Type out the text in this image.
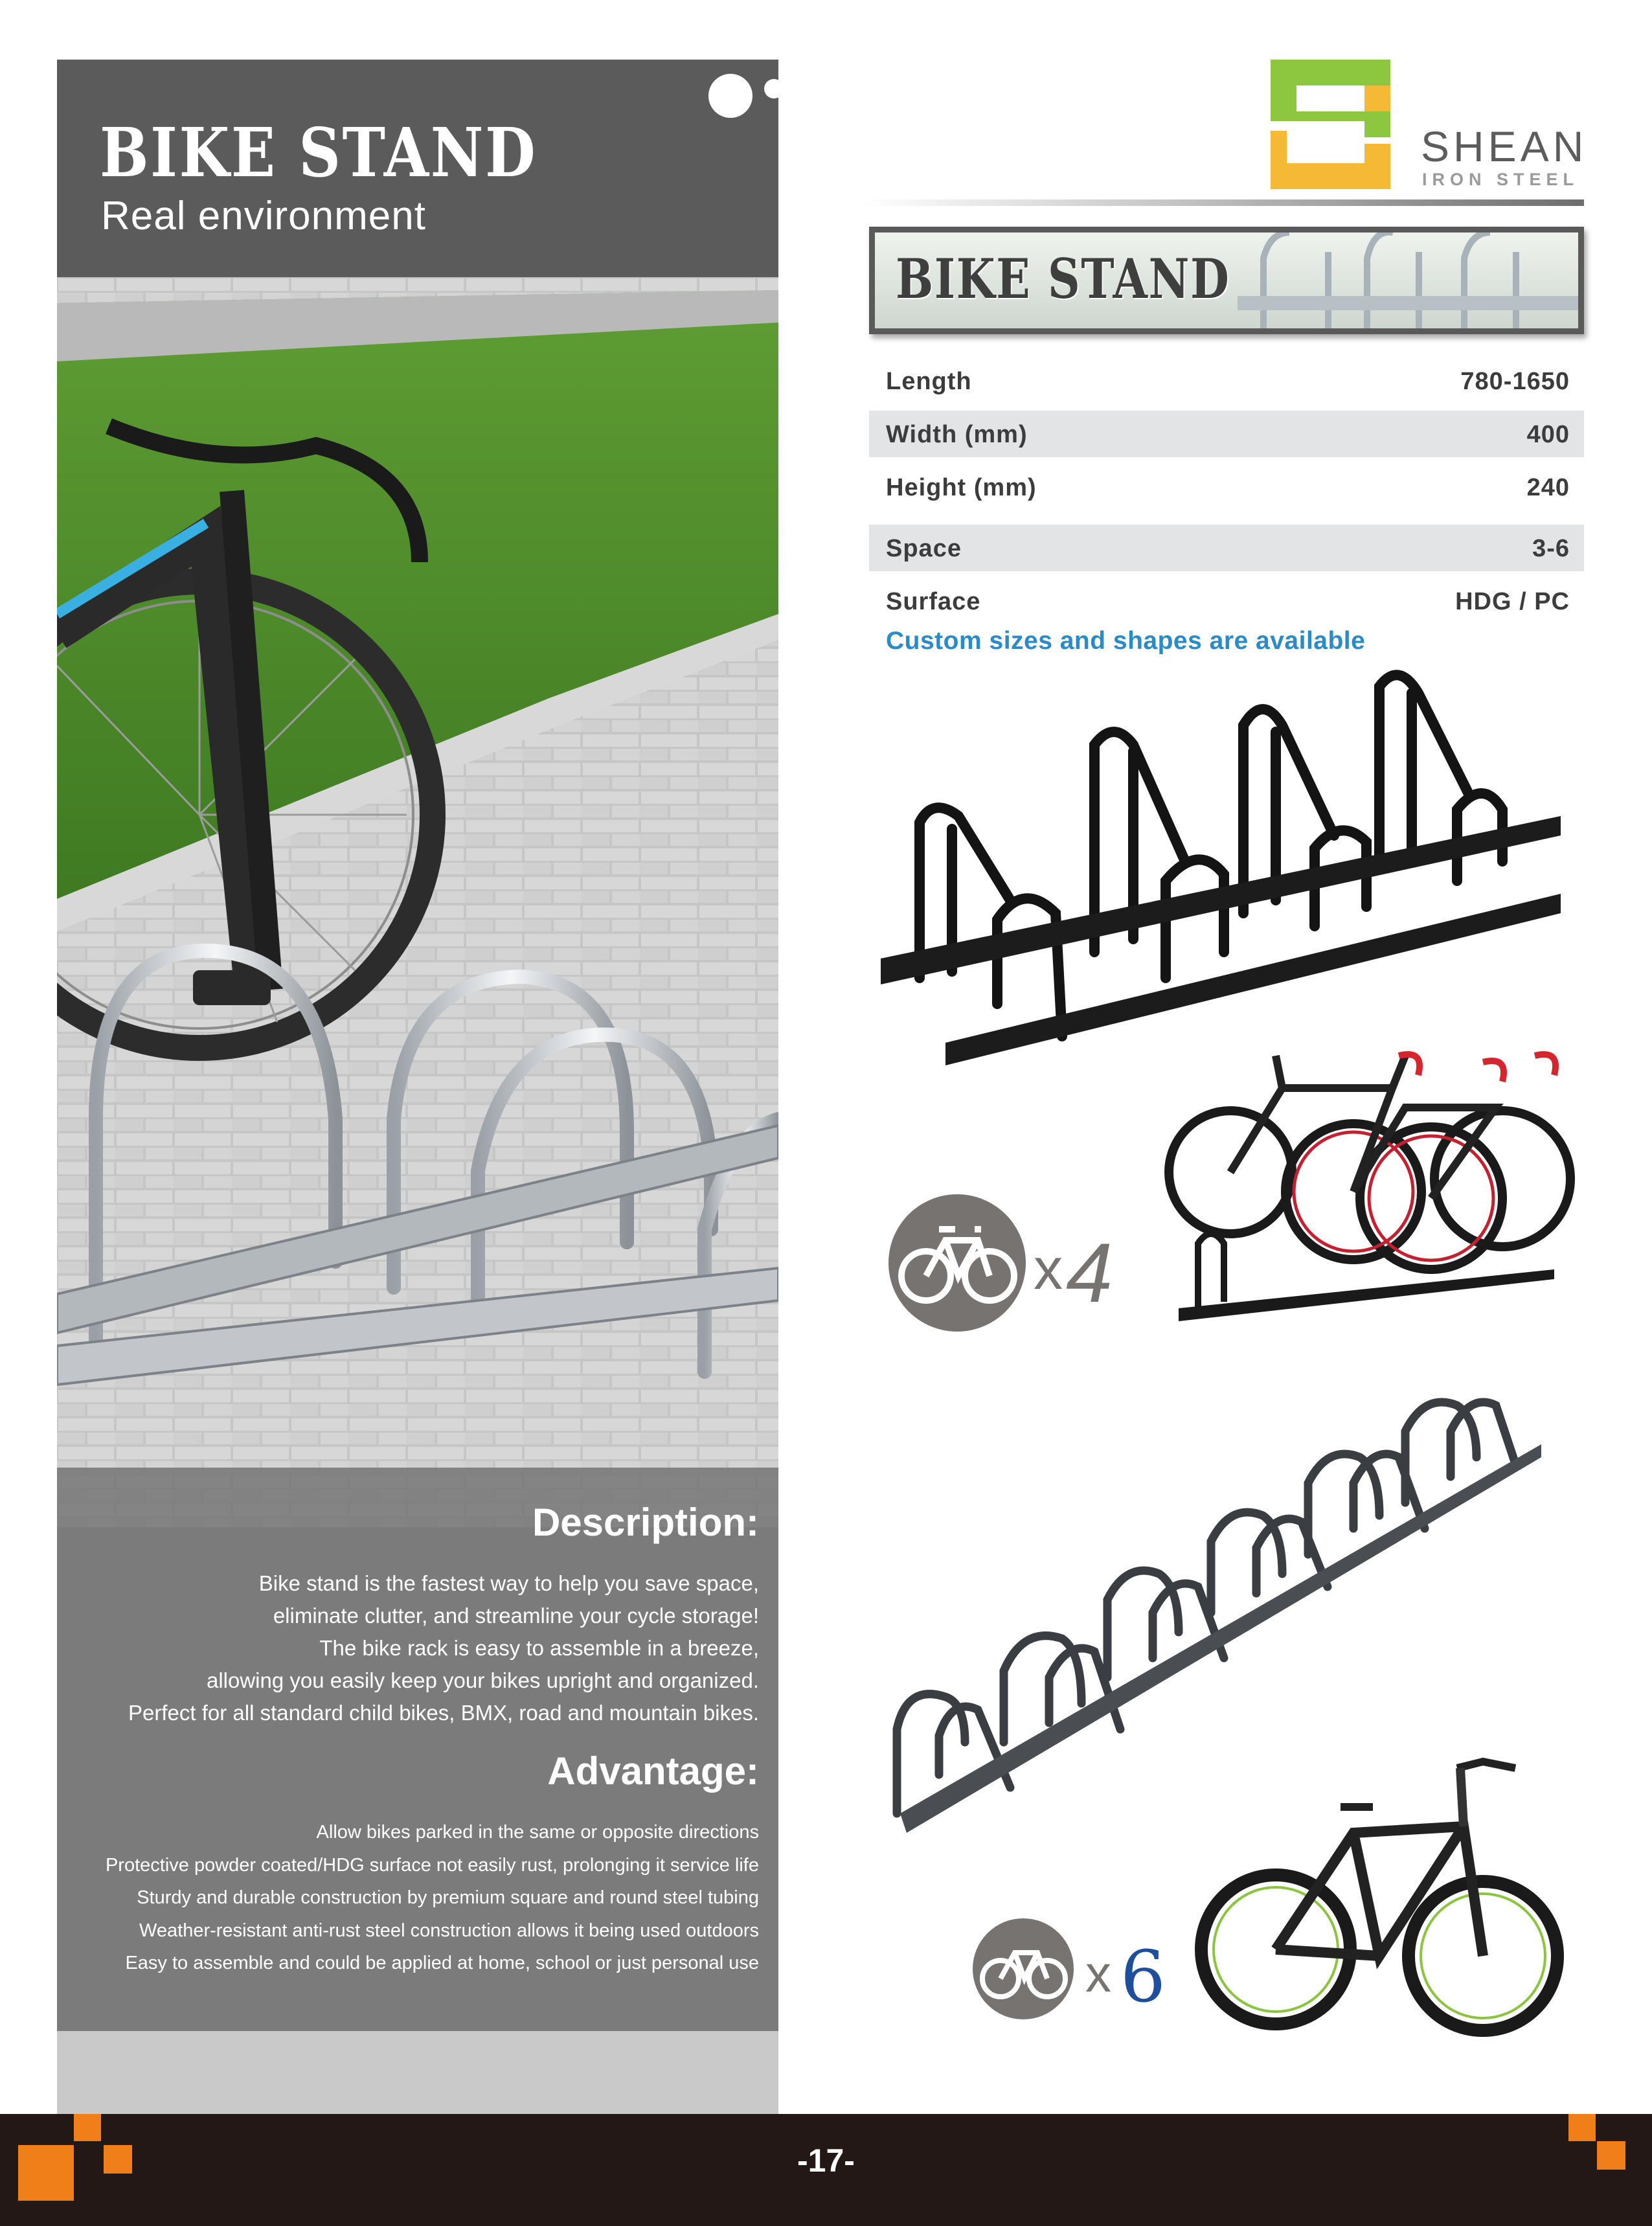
BIKE STAND
Real environment
Description:
Bike stand is the fastest way to help you save space,
eliminate clutter, and streamline your cycle storage!
The bike rack is easy to assemble in a breeze,
allowing you easily keep your bikes upright and organized.
Perfect for all standard child bikes, BMX, road and mountain bikes.
Advantage:
Allow bikes parked in the same or opposite directions
Protective powder coated/HDG surface not easily rust, prolonging it service life
Sturdy and durable construction by premium square and round steel tubing
Weather-resistant anti-rust steel construction allows it being used outdoors
Easy to assemble and could be applied at home, school or just personal use
SHEAN
IRON STEEL
BIKE STAND
Length	780-1650
Width (mm)	400
Height (mm)	240
Space	3-6
Surface	HDG / PC
Custom sizes and shapes are available
x 4
x 6
-17-
